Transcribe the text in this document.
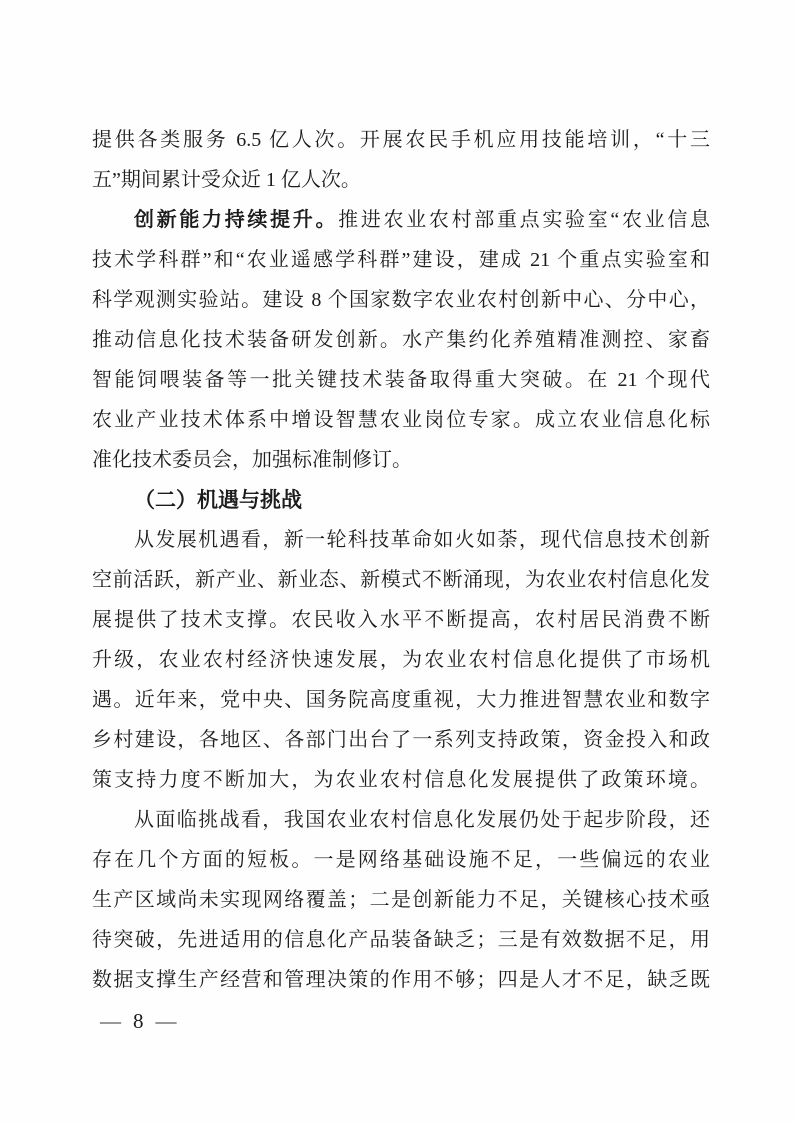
提供各类服务 6.5 亿人次。开展农民手机应用技能培训，“十三
五”期间累计受众近 1 亿人次。
创新能力持续提升。推进农业农村部重点实验室“农业信息
技术学科群”和“农业遥感学科群”建设，建成 21 个重点实验室和
科学观测实验站。建设 8 个国家数字农业农村创新中心、分中心，
推动信息化技术装备研发创新。水产集约化养殖精准测控、家畜
智能饲喂装备等一批关键技术装备取得重大突破。在 21 个现代
农业产业技术体系中增设智慧农业岗位专家。成立农业信息化标
准化技术委员会，加强标准制修订。
（二）机遇与挑战
从发展机遇看，新一轮科技革命如火如荼，现代信息技术创新
空前活跃，新产业、新业态、新模式不断涌现，为农业农村信息化发
展提供了技术支撑。农民收入水平不断提高，农村居民消费不断
升级，农业农村经济快速发展，为农业农村信息化提供了市场机
遇。近年来，党中央、国务院高度重视，大力推进智慧农业和数字
乡村建设，各地区、各部门出台了一系列支持政策，资金投入和政
策支持力度不断加大，为农业农村信息化发展提供了政策环境。
从面临挑战看，我国农业农村信息化发展仍处于起步阶段，还
存在几个方面的短板。一是网络基础设施不足，一些偏远的农业
生产区域尚未实现网络覆盖；二是创新能力不足，关键核心技术亟
待突破，先进适用的信息化产品装备缺乏；三是有效数据不足，用
数据支撑生产经营和管理决策的作用不够；四是人才不足，缺乏既
— 8 —
